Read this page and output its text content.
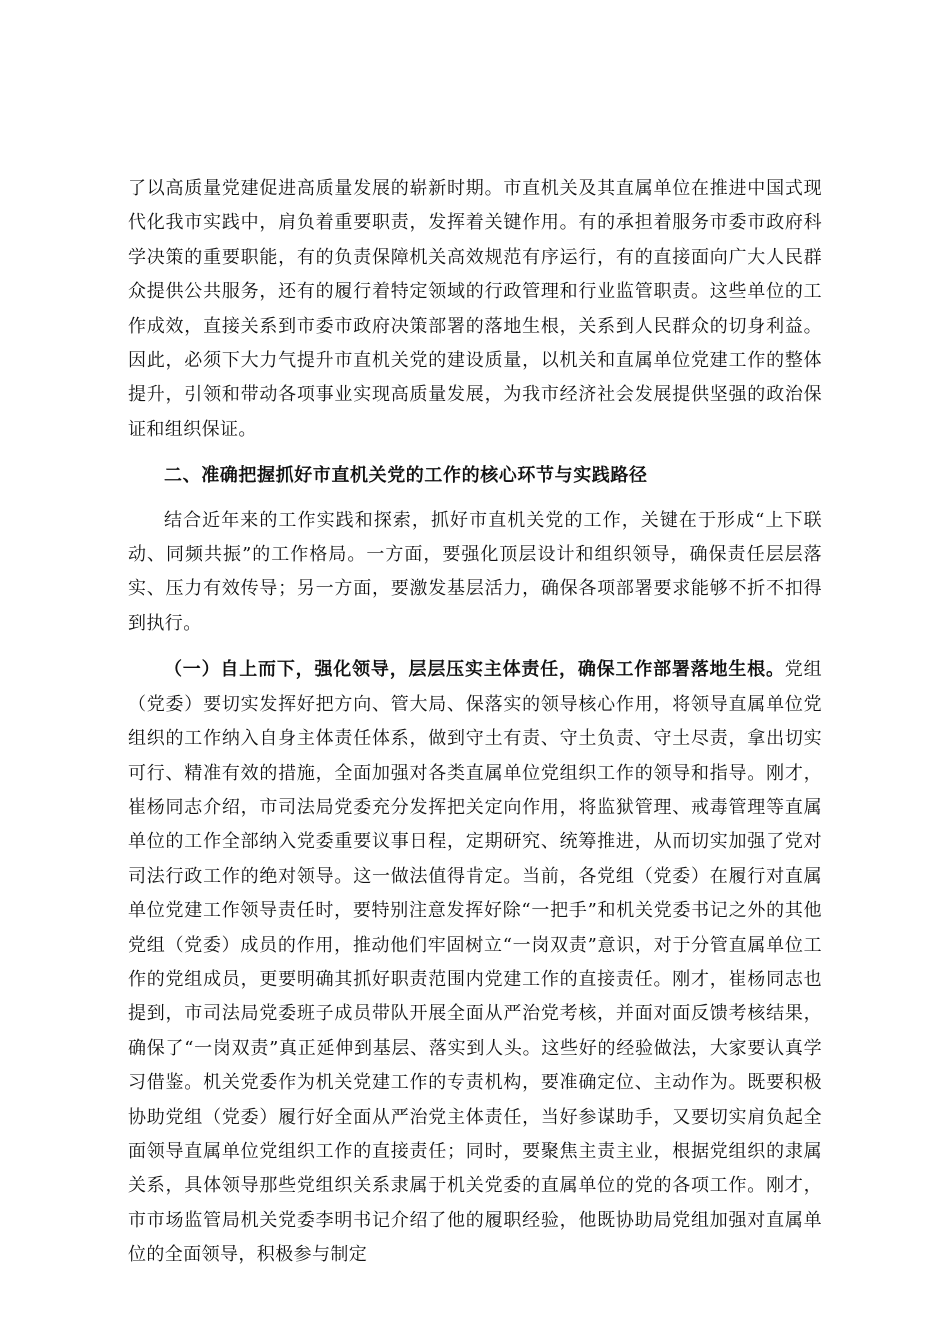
了以高质量党建促进高质量发展的崭新时期。市直机关及其直属单位在推进中国式现代化我市实践中，肩负着重要职责，发挥着关键作用。有的承担着服务市委市政府科学决策的重要职能，有的负责保障机关高效规范有序运行，有的直接面向广大人民群众提供公共服务，还有的履行着特定领域的行政管理和行业监管职责。这些单位的工作成效，直接关系到市委市政府决策部署的落地生根，关系到人民群众的切身利益。因此，必须下大力气提升市直机关党的建设质量，以机关和直属单位党建工作的整体提升，引领和带动各项事业实现高质量发展，为我市经济社会发展提供坚强的政治保证和组织保证。

二、准确把握抓好市直机关党的工作的核心环节与实践路径

结合近年来的工作实践和探索，抓好市直机关党的工作，关键在于形成“上下联动、同频共振”的工作格局。一方面，要强化顶层设计和组织领导，确保责任层层落实、压力有效传导；另一方面，要激发基层活力，确保各项部署要求能够不折不扣得到执行。

（一）自上而下，强化领导，层层压实主体责任，确保工作部署落地生根。党组（党委）要切实发挥好把方向、管大局、保落实的领导核心作用，将领导直属单位党组织的工作纳入自身主体责任体系，做到守土有责、守土负责、守土尽责，拿出切实可行、精准有效的措施，全面加强对各类直属单位党组织工作的领导和指导。刚才，崔杨同志介绍，市司法局党委充分发挥把关定向作用，将监狱管理、戒毒管理等直属单位的工作全部纳入党委重要议事日程，定期研究、统筹推进，从而切实加强了党对司法行政工作的绝对领导。这一做法值得肯定。当前，各党组（党委）在履行对直属单位党建工作领导责任时，要特别注意发挥好除“一把手”和机关党委书记之外的其他党组（党委）成员的作用，推动他们牢固树立“一岗双责”意识，对于分管直属单位工作的党组成员，更要明确其抓好职责范围内党建工作的直接责任。刚才，崔杨同志也提到，市司法局党委班子成员带队开展全面从严治党考核，并面对面反馈考核结果，确保了“一岗双责”真正延伸到基层、落实到人头。这些好的经验做法，大家要认真学习借鉴。机关党委作为机关党建工作的专责机构，要准确定位、主动作为。既要积极协助党组（党委）履行好全面从严治党主体责任，当好参谋助手，又要切实肩负起全面领导直属单位党组织工作的直接责任；同时，要聚焦主责主业，根据党组织的隶属关系，具体领导那些党组织关系隶属于机关党委的直属单位的党的各项工作。刚才，市市场监管局机关党委李明书记介绍了他的履职经验，他既协助局党组加强对直属单位的全面领导，积极参与制定
